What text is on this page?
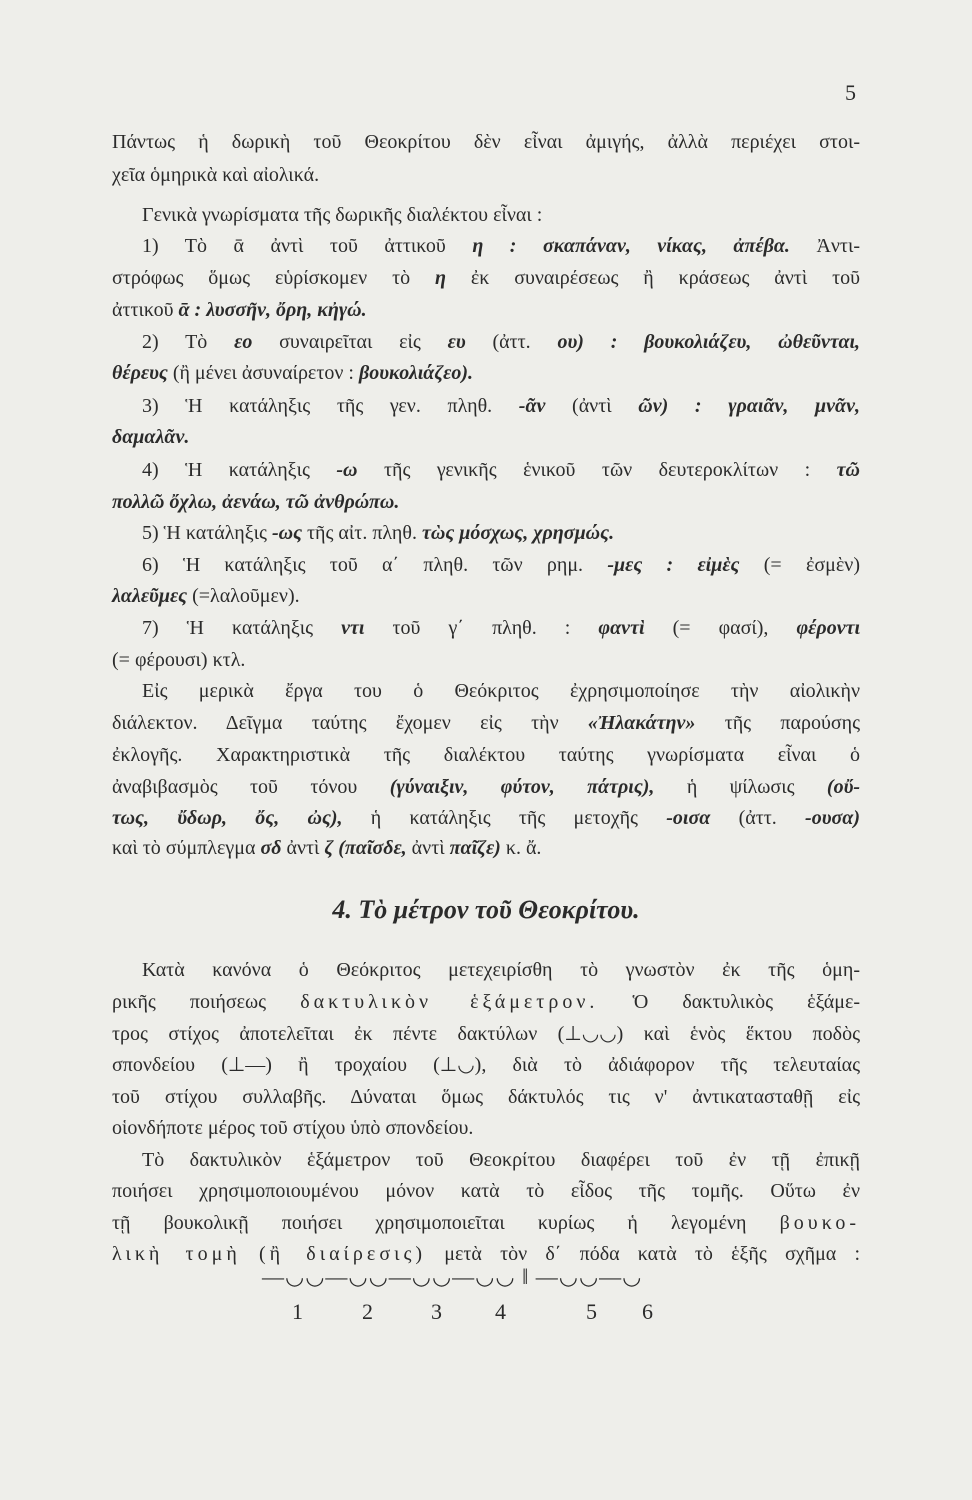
5
Πάντως ἡ δωρικὴ τοῦ Θεοκρίτου δὲν εἶναι ἀμιγής, ἀλλὰ περιέχει στοι-
χεῖα ὁμηρικὰ καὶ αἰολικά.
Γενικὰ γνωρίσματα τῆς δωρικῆς διαλέκτου εἶναι :
1) Τὸ ᾱ ἀντὶ τοῦ ἀττικοῦ η : σκαπάναν, νίκας, ἀπέβα. Ἀντι-
στρόφως ὅμως εὑρίσκομεν τὸ η ἐκ συναιρέσεως ἢ κράσεως ἀντὶ τοῦ
ἀττικοῦ ᾱ : λυσσῆν, ὄρη, κἠγώ.
2) Τὸ εο συναιρεῖται εἰς ευ (ἀττ. ου) : βουκολιάζευ, ὠθεῦνται,
θέρευς (ἢ μένει ἀσυναίρετον : βουκολιάζεο).
3) Ἡ κατάληξις τῆς γεν. πληθ. -ᾶν (ἀντὶ ῶν) : γραιᾶν, μνᾶν,
δαμαλᾶν.
4) Ἡ κατάληξις -ω τῆς γενικῆς ἑνικοῦ τῶν δευτεροκλίτων : τῶ
πολλῶ ὄχλω, ἀενάω, τῶ ἀνθρώπω.
5) Ἡ κατάληξις -ως τῆς αἰτ. πληθ. τὼς μόσχως, χρησμώς.
6) Ἡ κατάληξις τοῦ α΄ πληθ. τῶν ρημ. -μες : εἰμὲς (= ἐσμὲν)
λαλεῦμες (=λαλοῦμεν).
7) Ἡ κατάληξις ντι τοῦ γ΄ πληθ. : φαντὶ (= φασί), φέροντι
(= φέρουσι) κτλ.
Εἰς μερικὰ ἔργα του ὁ Θεόκριτος ἐχρησιμοποίησε τὴν αἰολικὴν
διάλεκτον. Δεῖγμα ταύτης ἔχομεν εἰς τὴν «Ἠλακάτην» τῆς παρούσης
ἐκλογῆς. Χαρακτηριστικὰ τῆς διαλέκτου ταύτης γνωρίσματα εἶναι ὁ
ἀναβιβασμὸς τοῦ τόνου (γύναιξιν, φύτον, πάτρις), ἡ ψίλωσις (οὔ-
τως, ὔδωρ, ὄς, ὠς), ἡ κατάληξις τῆς μετοχῆς -οισα (ἀττ. -ουσα)
καὶ τὸ σύμπλεγμα σδ ἀντὶ ζ (παῖσδε, ἀντὶ παῖζε) κ. ἄ.
4. Τὸ μέτρον τοῦ Θεοκρίτου.
Κατὰ κανόνα ὁ Θεόκριτος μετεχειρίσθη τὸ γνωστὸν ἐκ τῆς ὁμη-
ρικῆς ποιήσεως δακτυλικὸν ἑξάμετρον. Ὁ δακτυλικὸς ἑξάμε-
τρος στίχος ἀποτελεῖται ἐκ πέντε δακτύλων (⊥◡◡) καὶ ἑνὸς ἕκτου ποδὸς
σπονδείου (⊥—) ἢ τροχαίου (⊥◡), διὰ τὸ ἀδιάφορον τῆς τελευταίας
τοῦ στίχου συλλαβῆς. Δύναται ὅμως δάκτυλός τις ν' ἀντικατασταθῇ εἰς
οἱονδήποτε μέρος τοῦ στίχου ὑπὸ σπονδείου.
Τὸ δακτυλικὸν ἑξάμετρον τοῦ Θεοκρίτου διαφέρει τοῦ ἐν τῇ ἐπικῇ
ποιήσει χρησιμοποιουμένου μόνον κατὰ τὸ εἶδος τῆς τομῆς. Οὕτω ἐν
τῇ βουκολικῇ ποιήσει χρησιμοποιεῖται κυρίως ἡ λεγομένη βουκο-
λικὴ τομὴ (ἢ διαίρεσις) μετὰ τὸν δ΄ πόδα κατὰ τὸ ἑξῆς σχῆμα :
—◡◡—◡◡—◡◡—◡◡ ‖ —◡◡—◡
1	2	3 4	5 6
